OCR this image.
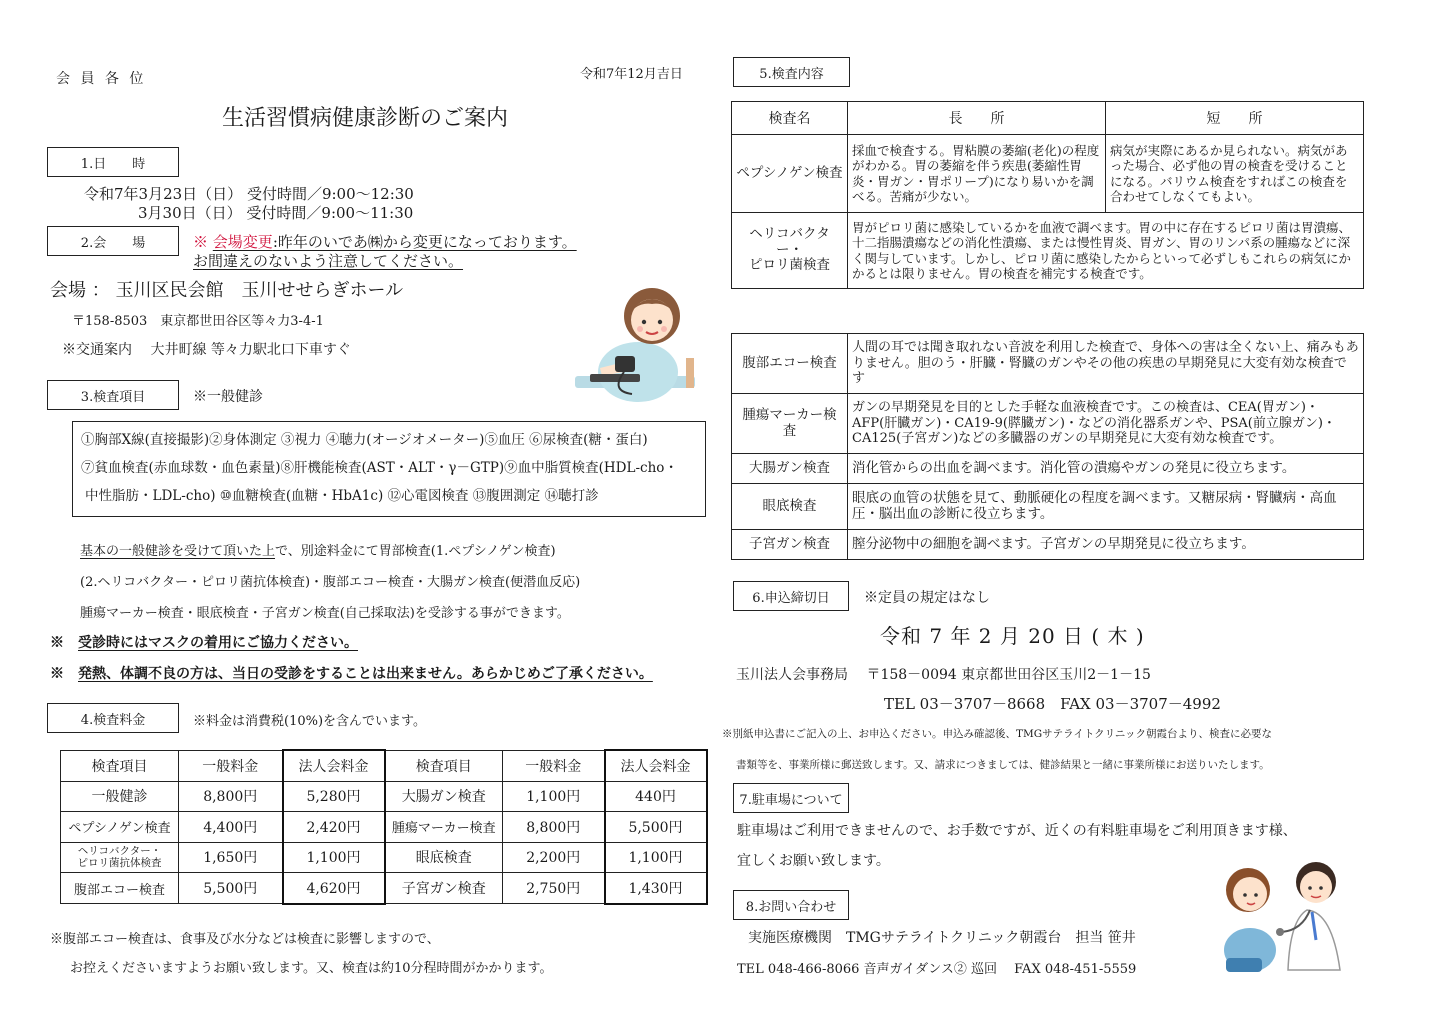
会 員 各 位	令和7年12月吉日
生活習慣病健康診断のご案内
1.日　　時
令和7年3月23日（日） 受付時間／9:00～12:30
3月30日（日） 受付時間／9:00～11:30
2.会　　場	※ 会場変更:昨年のいであ㈱から変更になっております。
お間違えのないよう注意してください。
会場 ： 玉川区民会館　玉川せせらぎホール
〒158-8503　東京都世田谷区等々力3-4-1
※交通案内　 大井町線 等々力駅北口下車すぐ
3.検査項目	※一般健診
①胸部X線(直接撮影)②身体測定 ③視力 ④聴力(オージオメーター)⑤血圧 ⑥尿検査(糖・蛋白)
⑦貧血検査(赤血球数・血色素量)⑧肝機能検査(AST・ALT・γ－GTP)⑨血中脂質検査(HDL-cho・
中性脂肪・LDL-cho) ⑩血糖検査(血糖・HbA1c) ⑫心電図検査 ⑬腹囲測定 ⑭聴打診
基本の一般健診を受けて頂いた上で、別途料金にて胃部検査(1.ペプシノゲン検査)
(2.ヘリコバクター・ピロリ菌抗体検査)・腹部エコー検査・大腸ガン検査(便潜血反応)
腫瘍マーカー検査・眼底検査・子宮ガン検査(自己採取法)を受診する事ができます。
※　 受診時にはマスクの着用にご協力ください。
※　 発熱、体調不良の方は、当日の受診をすることは出来ません。あらかじめご了承ください。
4.検査料金	※料金は消費税(10%)を含んでいます。
検査項目	一般料金	法人会料金	検査項目	一般料金	法人会料金
一般健診	8,800円	5,280円	大腸ガン検査	1,100円	440円
ペプシノゲン検査	4,400円	2,420円	腫瘍マーカー検査	8,800円	5,500円

ヘリコバクター・
ピロリ菌抗体検査	1,650円	1,100円	眼底検査	2,200円	1,100円
腹部エコー検査	5,500円	4,620円	子宮ガン検査	2,750円	1,430円
※腹部エコー検査は、食事及び水分などは検査に影響しますので、
お控えくださいますようお願い致します。又、検査は約10分程時間がかかります。
5.検査内容
検査名	長　　所	短　　所
ペプシノゲン検査	採血で検査する。胃粘膜の萎縮(老化)の程度がわかる。胃の萎縮を伴う疾患(萎縮性胃炎・胃ガン・胃ポリープ)になり易いかを調べる。苦痛が少ない。	病気が実際にあるか見られない。病気があった場合、必ず他の胃の検査を受けることになる。バリウム検査をすればこの検査を合わせてしなくてもよい。

ヘリコバクター・
ピロリ菌検査	胃がピロリ菌に感染しているかを血液で調べます。胃の中に存在するピロリ菌は胃潰瘍、十二指腸潰瘍などの消化性潰瘍、または慢性胃炎、胃ガン、胃のリンパ系の腫瘍などに深く関与しています。しかし、ピロリ菌に感染したからといって必ずしもこれらの病気にかかるとは限りません。胃の検査を補完する検査です。	
腹部エコー検査	人間の耳では聞き取れない音波を利用した検査で、身体への害は全くない上、痛みもありません。胆のう・肝臓・腎臓のガンやその他の疾患の早期発見に大変有効な検査です
腫瘍マーカー検査	ガンの早期発見を目的とした手軽な血液検査です。この検査は、CEA(胃ガン)・AFP(肝臓ガン)・CA19-9(膵臓ガン)・などの消化器系ガンや、PSA(前立腺ガン)・CA125(子宮ガン)などの多臓器のガンの早期発見に大変有効な検査です。
大腸ガン検査	消化管からの出血を調べます。消化管の潰瘍やガンの発見に役立ちます。
眼底検査	眼底の血管の状態を見て、動脈硬化の程度を調べます。又糖尿病・腎臓病・高血圧・脳出血の診断に役立ちます。
子宮ガン検査	膣分泌物中の細胞を調べます。子宮ガンの早期発見に役立ちます。
6.申込締切日	※定員の規定はなし
令和 7 年 2 月 20 日 ( 木 )
玉川法人会事務局　 〒158－0094 東京都世田谷区玉川2－1－15
TEL 03－3707－8668　FAX 03－3707－4992
※別紙申込書にご記入の上、お申込ください。申込み確認後、TMGサテライトクリニック朝霞台より、検査に必要な
書類等を、事業所様に郵送致します。又、請求につきましては、健診結果と一緒に事業所様にお送りいたします。
7.駐車場について
駐車場はご利用できませんので、お手数ですが、近くの有料駐車場をご利用頂きます様、
宜しくお願い致します。
8.お問い合わせ
実施医療機関　TMGサテライトクリニック朝霞台　担当 笹井
TEL 048-466-8066 音声ガイダンス② 巡回　 FAX 048-451-5559
